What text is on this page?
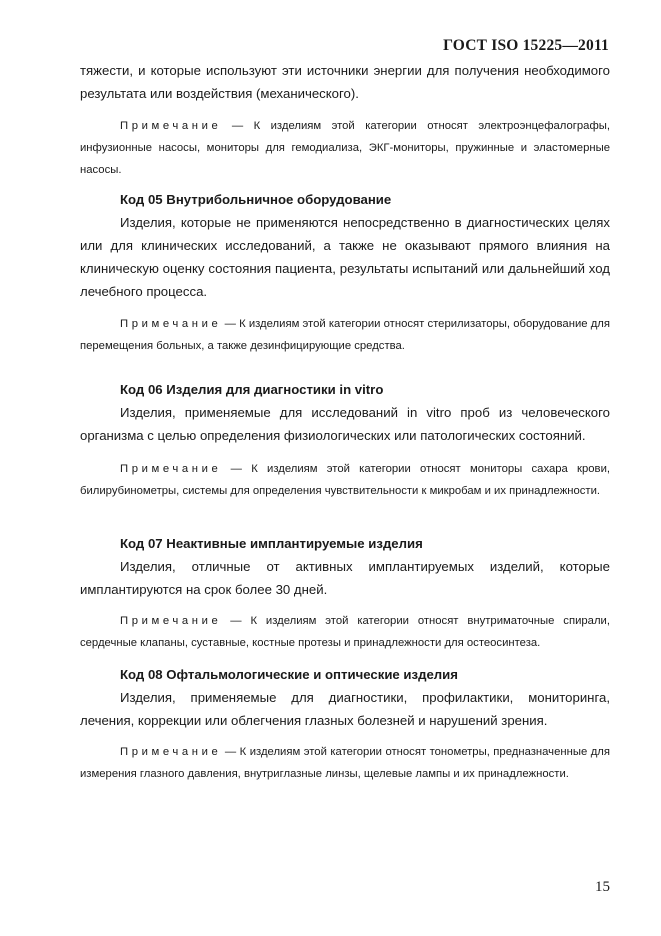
ГОСТ ISO 15225—2011

тяжести, и которые используют эти источники энергии для получения необходимого результата или воздействия (механического).

Примечание — К изделиям этой категории относят электроэнцефалографы, инфузионные насосы, мониторы для гемодиализа, ЭКГ-мониторы, пружинные и эластомерные насосы.

Код 05 Внутрибольничное оборудование

Изделия, которые не применяются непосредственно в диагностических целях или для клинических исследований, а также не оказывают прямого влияния на клиническую оценку состояния пациента, результаты испытаний или дальнейший ход лечебного процесса.

Примечание — К изделиям этой категории относят стерилизаторы, оборудование для перемещения больных, а также дезинфицирующие средства.

Код 06 Изделия для диагностики in vitro

Изделия, применяемые для исследований in vitro проб из человеческого организма с целью определения физиологических или патологических состояний.

Примечание — К изделиям этой категории относят мониторы сахара крови, билирубинометры, системы для определения чувствительности к микробам и их принадлежности.

Код 07 Неактивные имплантируемые изделия

Изделия, отличные от активных имплантируемых изделий, которые имплантируются на срок более 30 дней.

Примечание — К изделиям этой категории относят внутриматочные спирали, сердечные клапаны, суставные, костные протезы и принадлежности для остеосинтеза.

Код 08 Офтальмологические и оптические изделия

Изделия, применяемые для диагностики, профилактики, мониторинга, лечения, коррекции или облегчения глазных болезней и нарушений зрения.

Примечание — К изделиям этой категории относят тонометры, предназначенные для измерения глазного давления, внутриглазные линзы, щелевые лампы и их принадлежности.

15
